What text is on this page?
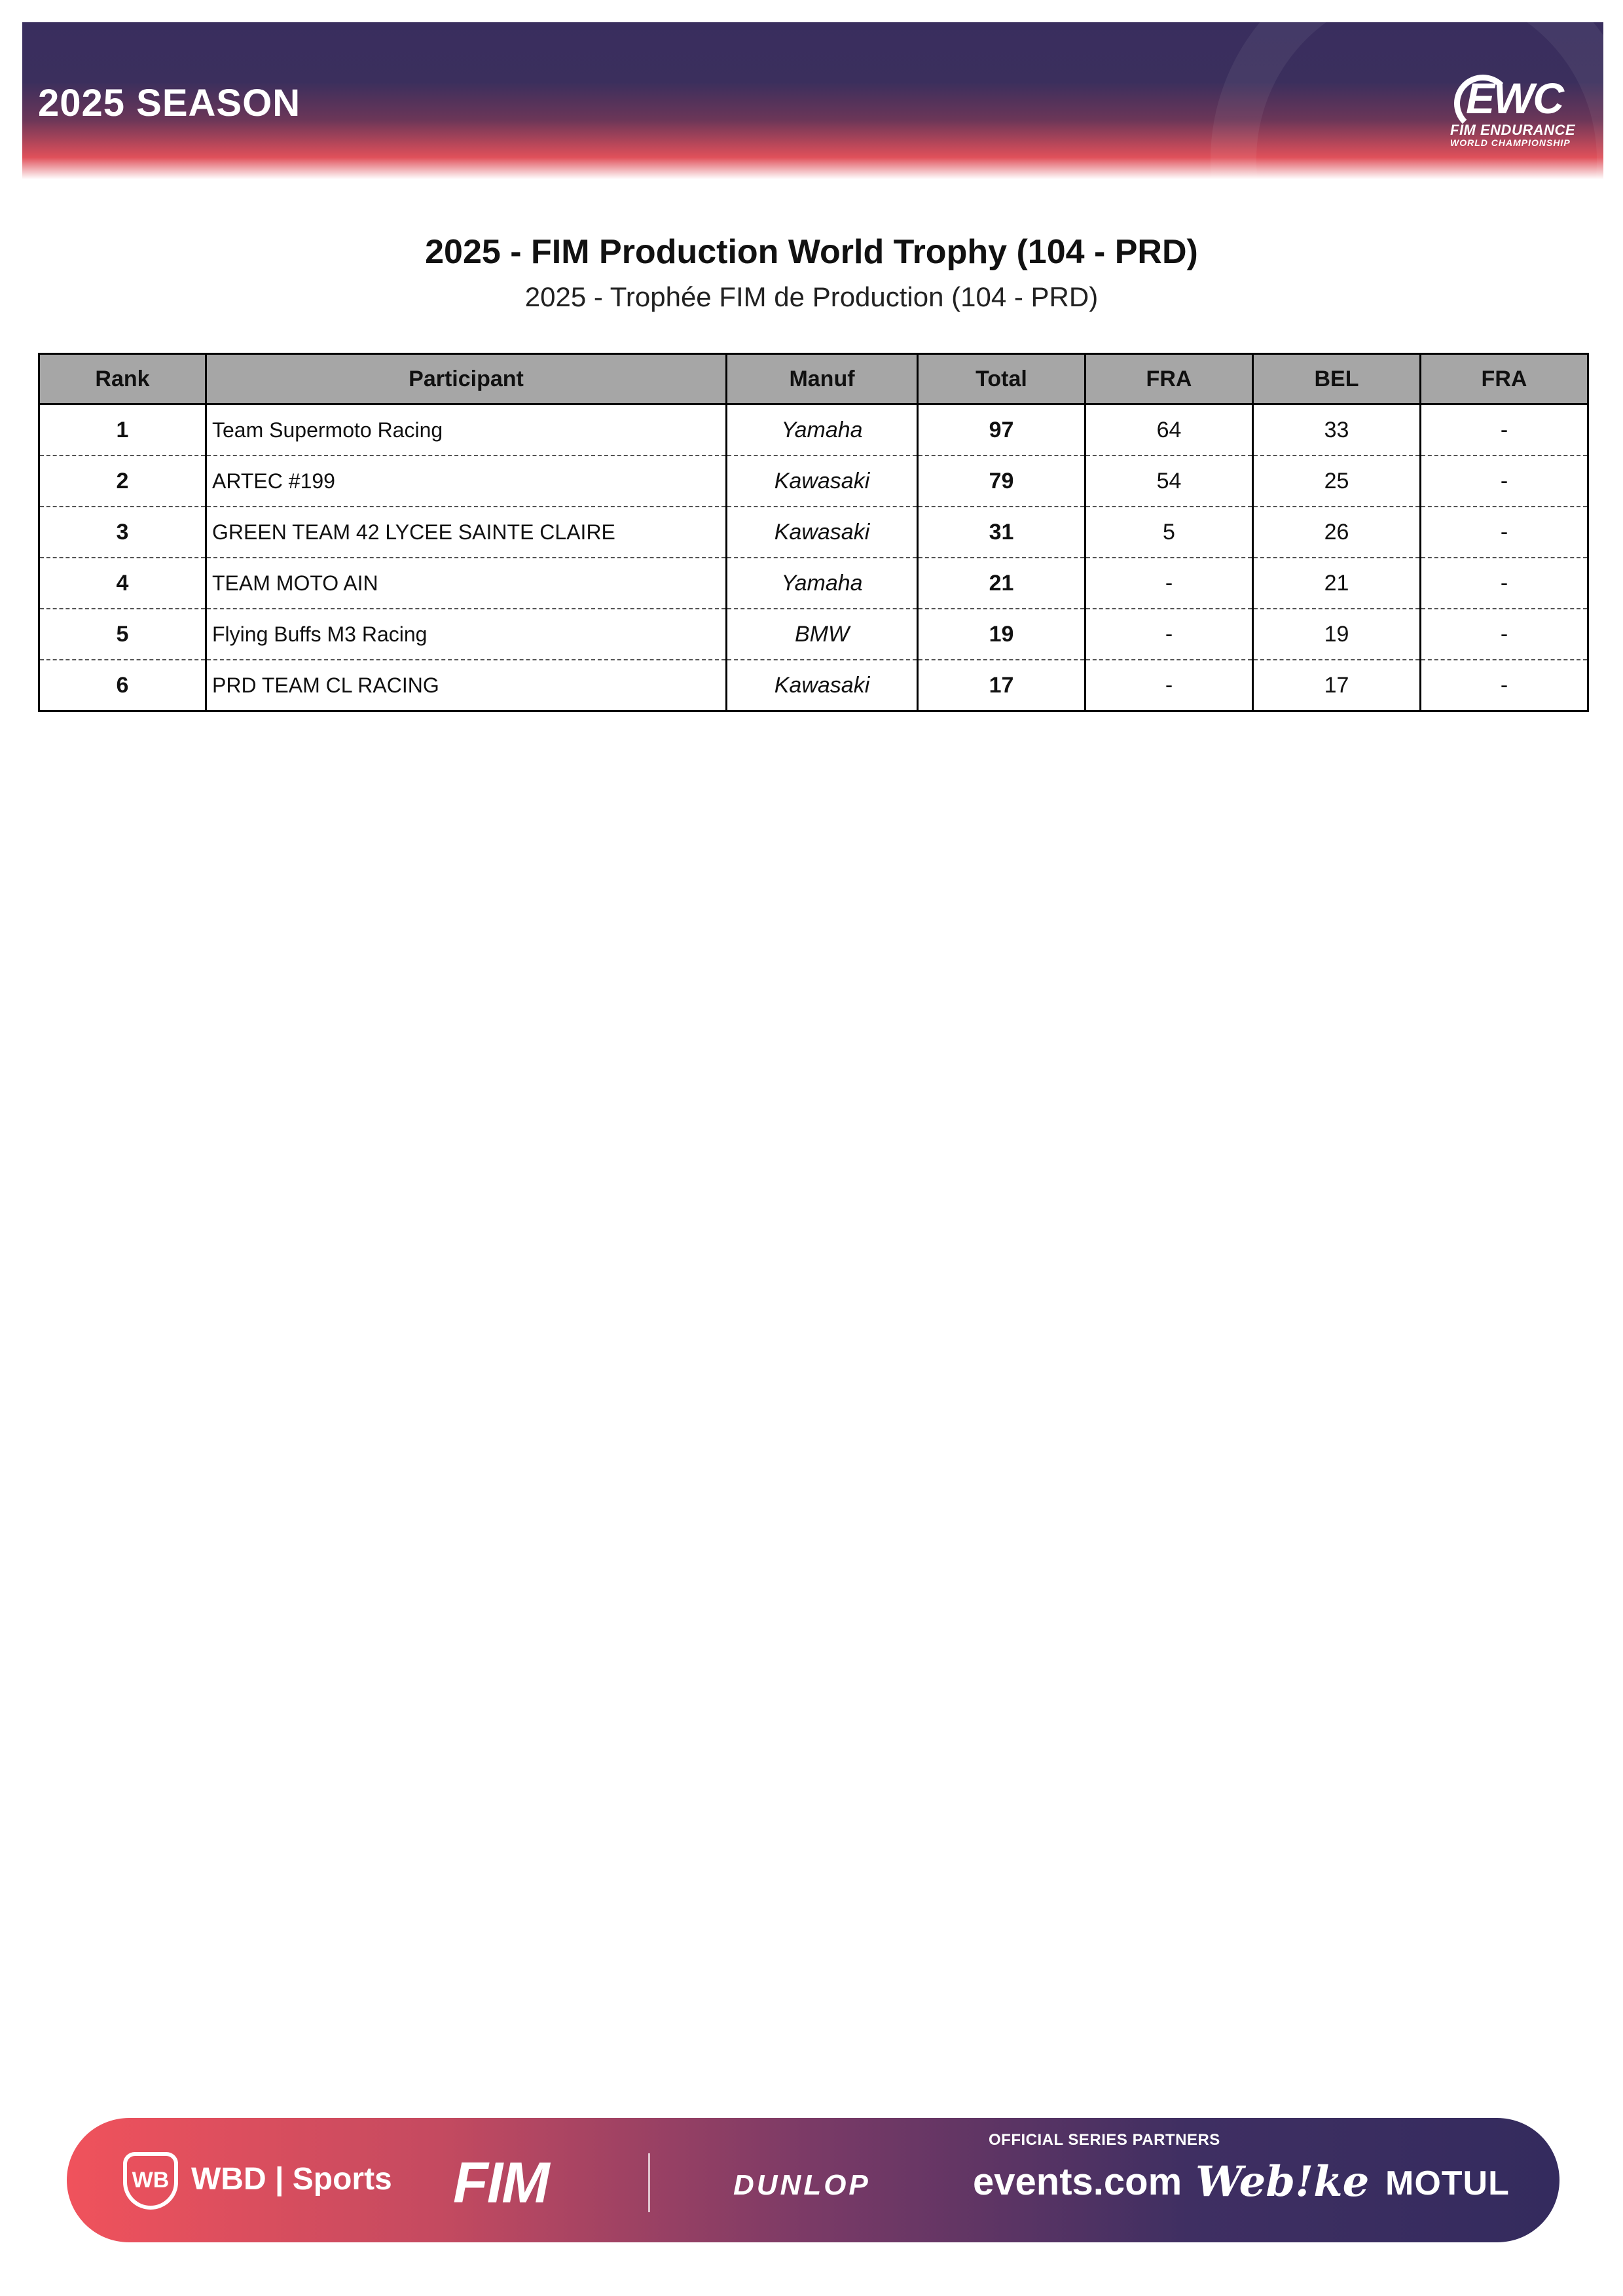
2025 SEASON	EWC
FIM ENDURANCE
WORLD CHAMPIONSHIP
2025 - FIM Production World Trophy (104 - PRD)
2025 - Trophée FIM de Production (104 - PRD)
Rank	Participant	Manuf	Total	FRA	BEL	FRA
1	Team Supermoto Racing	Yamaha	97	64	33	-
2	ARTEC #199	Kawasaki	79	54	25	-
3	GREEN TEAM 42 LYCEE SAINTE CLAIRE	Kawasaki	31	5	26	-
4	TEAM MOTO AIN	Yamaha	21	-	21	-
5	Flying Buffs M3 Racing	BMW	19	-	19	-
6	PRD TEAM CL RACING	Kawasaki	17	-	17	-
WB WBD | Sports FIM
OFFICIAL SERIES PARTNERS
DUNLOP	events.com Web!ke MOTUL
